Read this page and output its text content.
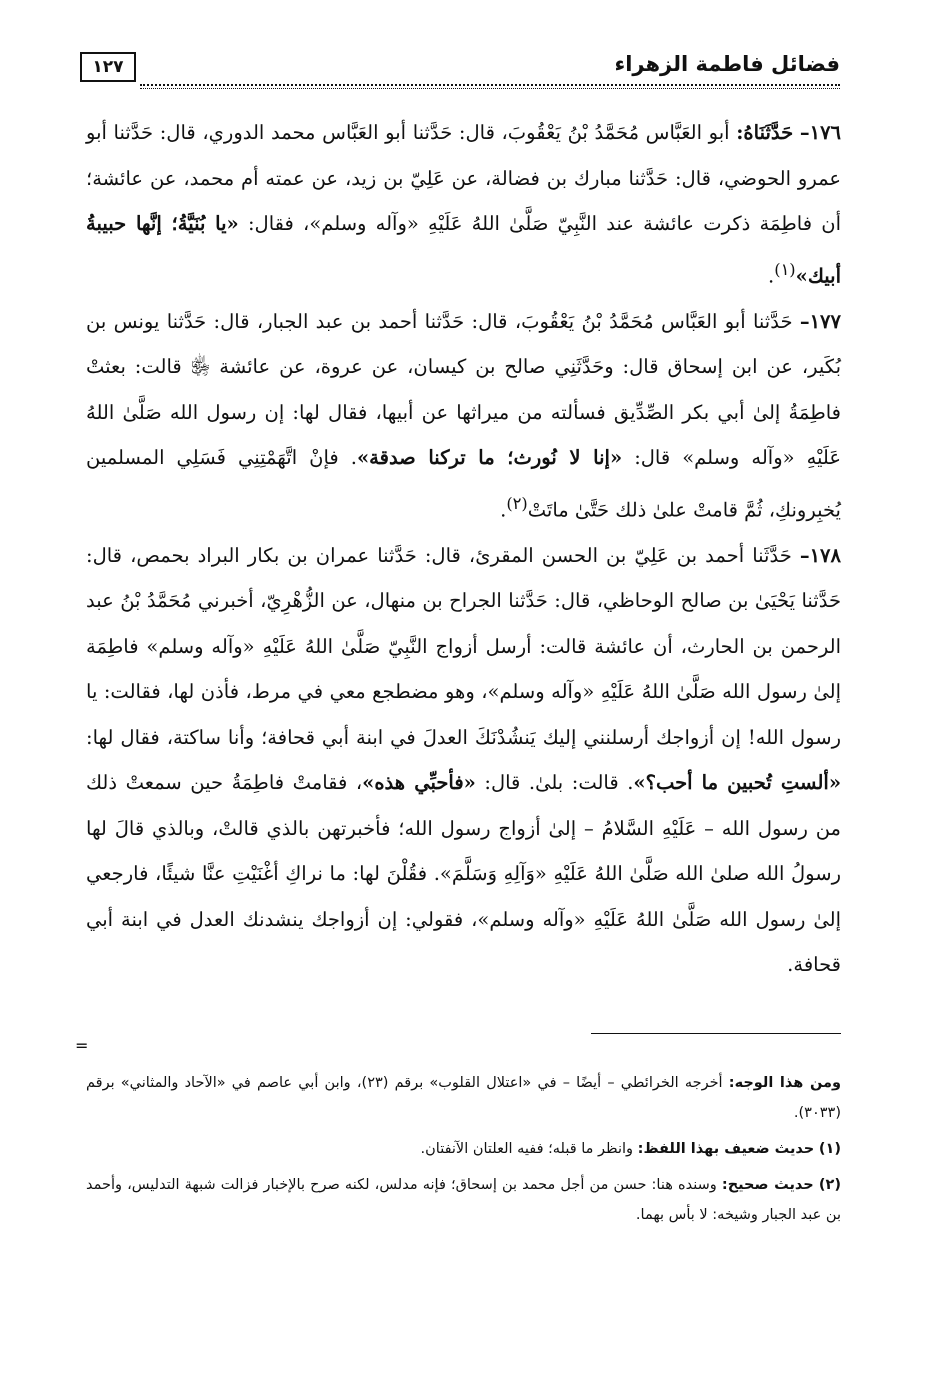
فضائل فاطمة الزهراء
١٢٧

١٧٦– حَدَّثَنَاهُ: أبو العَبَّاس مُحَمَّدُ بْنُ يَعْقُوبَ، قال: حَدَّثنا أبو العَبَّاس محمد الدوري، قال: حَدَّثنا أبو عمرو الحوضي، قال: حَدَّثنا مبارك بن فضالة، عن عَلِيّ بن زيد، عن عمته أم محمد، عن عائشة؛ أن فاطِمَة ذكرت عائشة عند النَّبِيّ صَلَّىٰ اللهُ عَلَيْهِ «وآله وسلم»، فقال: «يا بُنَيَّةُ؛ إنَّها حبيبةُ أبيك»$^{(١)}$.

١٧٧– حَدَّثنا أبو العَبَّاس مُحَمَّدُ بْنُ يَعْقُوبَ، قال: حَدَّثنا أحمد بن عبد الجبار، قال: حَدَّثنا يونس بن بُكَير، عن ابن إسحاق قال: وحَدَّثَنِي صالح بن كيسان، عن عروة، عن عائشة ﵂ قالت: بعثتْ فاطِمَةُ إلىٰ أبي بكر الصِّدِّيق فسألته من ميراثها عن أبيها، فقال لها: إن رسول الله صَلَّىٰ اللهُ عَلَيْهِ «وآله وسلم» قال: «إنا لا نُورث؛ ما تركنا صدقة». فإنْ اتَّهَمْتِنِي فَسَلِي المسلمين يُخبِرونكِ، ثُمَّ قامتْ علىٰ ذلك حَتَّىٰ ماتَتْ$^{(٢)}$.

١٧٨– حَدَّثَنا أحمد بن عَلِيّ بن الحسن المقرئ، قال: حَدَّثنا عمران بن بكار البراد بحمص، قال: حَدَّثنا يَحْيَىٰ بن صالح الوحاظي، قال: حَدَّثنا الجراح بن منهال، عن الزُّهْرِيّ، أخبرني مُحَمَّدُ بْنُ عبد الرحمن بن الحارث، أن عائشة قالت: أرسل أزواج النَّبِيّ صَلَّىٰ اللهُ عَلَيْهِ «وآله وسلم» فاطِمَة إلىٰ رسول الله صَلَّىٰ اللهُ عَلَيْهِ «وآله وسلم»، وهو مضطجع معي في مرط، فأذن لها، فقالت: يا رسول الله! إن أزواجك أرسلنني إليك يَنشُدْنَكَ العدلَ في ابنة أبي قحافة؛ وأنا ساكتة، فقال لها: «ألستِ تُحبين ما أحب؟». قالت: بلىٰ. قال: «فأحبِّي هذه»، فقامتْ فاطِمَةُ حين سمعتْ ذلك من رسول الله – عَلَيْهِ السَّلامُ – إلىٰ أزواج رسول الله؛ فأخبرتهن بالذي قالتْ، وبالذي قالَ لها رسولُ الله صلىٰ الله صَلَّىٰ اللهُ عَلَيْهِ «وَآلِهِ وَسَلَّمَ». فقُلْنَ لها: ما نراكِ أغْنَيْتِ عنَّا شيئًا، فارجعي إلىٰ رسول الله صَلَّىٰ اللهُ عَلَيْهِ «وآله وسلم»، فقولي: إن أزواجك ينشدنك العدل في ابنة أبي قحافة.

=

ومن هذا الوجه: أخرجه الخرائطي – أيضًا – في «اعتلال القلوب» برقم (٢٣)، وابن أبي عاصم في «الآحاد والمثاني» برقم (٣٠٣٣).

(١) حديث ضعيف بهذا اللفظ: وانظر ما قبله؛ ففيه العلتان الآنفتان.

(٢) حديث صحيح: وسنده هنا: حسن من أجل محمد بن إسحاق؛ فإنه مدلس، لكنه صرح بالإخبار فزالت شبهة التدليس، وأحمد بن عبد الجبار وشيخه: لا بأس بهما.
